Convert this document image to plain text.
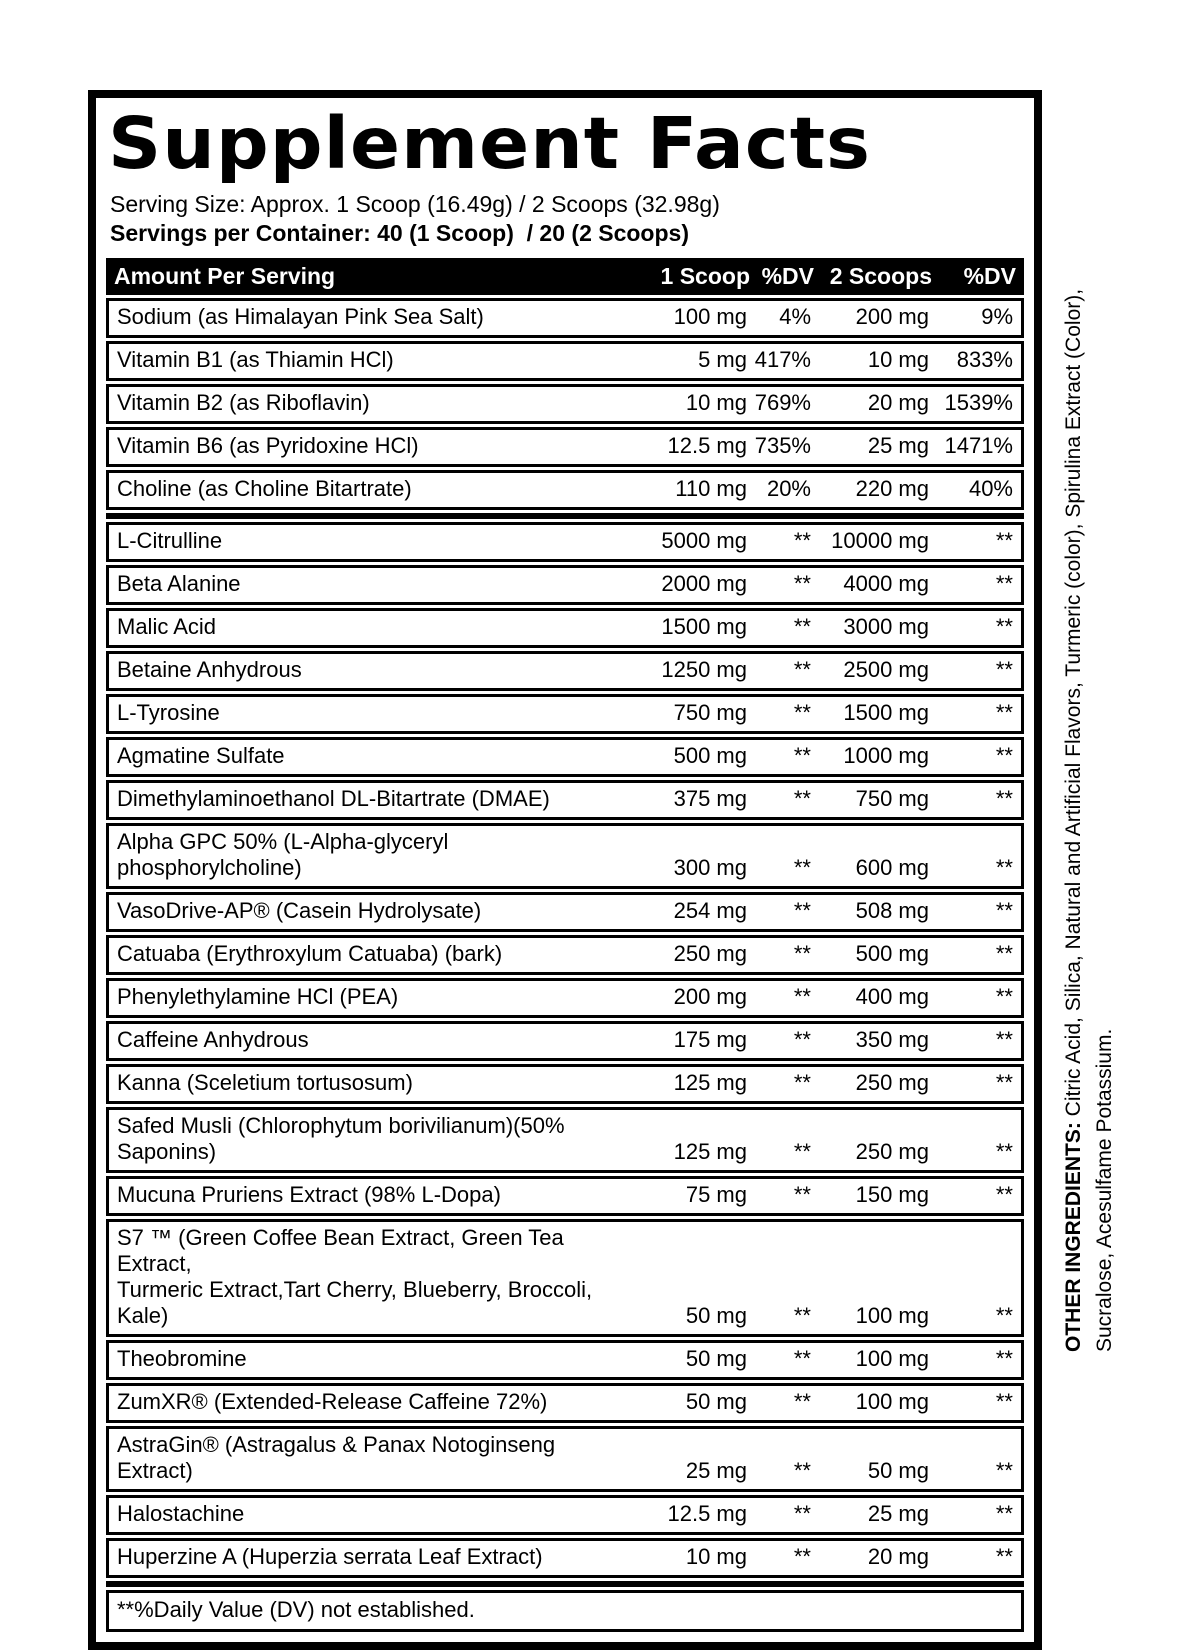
Supplement Facts
Serving Size: Approx. 1 Scoop (16.49g) / 2 Scoops (32.98g)
Servings per Container: 40 (1 Scoop)  / 20 (2 Scoops)
Amount Per Serving	1 Scoop %DV 2 Scoops	%DV
Sodium (as Himalayan Pink Sea Salt)	100 mg	4%	200 mg	9%
Vitamin B1 (as Thiamin HCl)	5 mg 417%	10 mg	833%
Vitamin B2 (as Riboflavin)	10 mg 769%	20 mg 1539%
Vitamin B6 (as Pyridoxine HCl)	12.5 mg 735%	25 mg 1471%
Choline (as Choline Bitartrate)	110 mg 20%	220 mg	40%
L-Citrulline	5000 mg	** 10000 mg	**
Beta Alanine	2000 mg	**	4000 mg	**
Malic Acid	1500 mg	**	3000 mg	**
Betaine Anhydrous	1250 mg	**	2500 mg	**
L-Tyrosine	750 mg	**	1500 mg	**
Agmatine Sulfate	500 mg	**	1000 mg	**
Dimethylaminoethanol DL-Bitartrate (DMAE)	375 mg	**	750 mg	**
Alpha GPC 50% (L-Alpha-glyceryl phosphorylcholine)	300 mg	**	600 mg	**
VasoDrive-AP® (Casein Hydrolysate)	254 mg	**	508 mg	**
Catuaba (Erythroxylum Catuaba) (bark)	250 mg	**	500 mg	**
Phenylethylamine HCl (PEA)	200 mg	**	400 mg	**
Caffeine Anhydrous	175 mg	**	350 mg	**
Kanna (Sceletium tortusosum)	125 mg	**	250 mg	**
Safed Musli (Chlorophytum borivilianum)(50% Saponins)	125 mg	**	250 mg	**
Mucuna Pruriens Extract (98% L-Dopa)	75 mg	**	150 mg	**
S7 ™ (Green Coffee Bean Extract, Green Tea Extract,
Turmeric Extract,Tart Cherry, Blueberry, Broccoli, Kale)	50 mg	**	100 mg	**
Theobromine	50 mg	**	100 mg	**
ZumXR® (Extended-Release Caffeine 72%)	50 mg	**	100 mg	**
AstraGin® (Astragalus & Panax Notoginseng Extract)	25 mg	**	50 mg	**
Halostachine	12.5 mg	**	25 mg	**
Huperzine A (Huperzia serrata Leaf Extract)	10 mg	**	20 mg	**
**%Daily Value (DV) not established.
OTHER INGREDIENTS: Citric Acid, Silica, Natural and Artificial Flavors, Turmeric (color), Spirulina Extract (Color),
Sucralose, Acesulfame Potassium.
